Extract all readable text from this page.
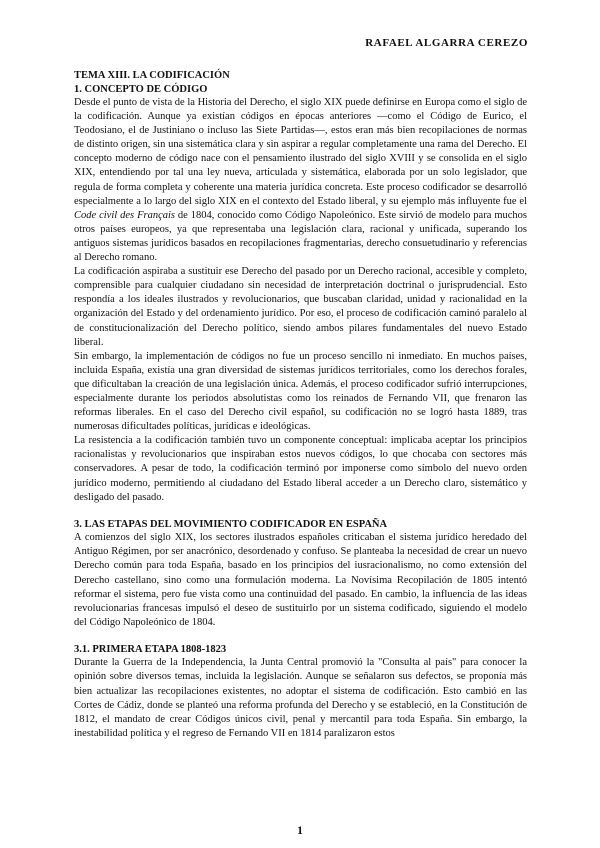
RAFAEL ALGARRA CEREZO
TEMA XIII. LA CODIFICACIÓN
1. CONCEPTO DE CÓDIGO

Desde el punto de vista de la Historia del Derecho, el siglo XIX puede definirse en Europa como el siglo de la codificación. Aunque ya existían códigos en épocas anteriores —como el Código de Eurico, el Teodosiano, el de Justiniano o incluso las Siete Partidas—, estos eran más bien recopilaciones de normas de distinto origen, sin una sistemática clara y sin aspirar a regular completamente una rama del Derecho. El concepto moderno de código nace con el pensamiento ilustrado del siglo XVIII y se consolida en el siglo XIX, entendiendo por tal una ley nueva, articulada y sistemática, elaborada por un solo legislador, que regula de forma completa y coherente una materia jurídica concreta. Este proceso codificador se desarrolló especialmente a lo largo del siglo XIX en el contexto del Estado liberal, y su ejemplo más influyente fue el Code civil des Français de 1804, conocido como Código Napoleónico. Este sirvió de modelo para muchos otros países europeos, ya que representaba una legislación clara, racional y unificada, superando los antiguos sistemas jurídicos basados en recopilaciones fragmentarias, derecho consuetudinario y referencias al Derecho romano.

La codificación aspiraba a sustituir ese Derecho del pasado por un Derecho racional, accesible y completo, comprensible para cualquier ciudadano sin necesidad de interpretación doctrinal o jurisprudencial. Esto respondía a los ideales ilustrados y revolucionarios, que buscaban claridad, unidad y racionalidad en la organización del Estado y del ordenamiento jurídico. Por eso, el proceso de codificación caminó paralelo al de constitucionalización del Derecho político, siendo ambos pilares fundamentales del nuevo Estado liberal.

Sin embargo, la implementación de códigos no fue un proceso sencillo ni inmediato. En muchos países, incluida España, existía una gran diversidad de sistemas jurídicos territoriales, como los derechos forales, que dificultaban la creación de una legislación única. Además, el proceso codificador sufrió interrupciones, especialmente durante los periodos absolutistas como los reinados de Fernando VII, que frenaron las reformas liberales. En el caso del Derecho civil español, su codificación no se logró hasta 1889, tras numerosas dificultades políticas, jurídicas e ideológicas.

La resistencia a la codificación también tuvo un componente conceptual: implicaba aceptar los principios racionalistas y revolucionarios que inspiraban estos nuevos códigos, lo que chocaba con sectores más conservadores. A pesar de todo, la codificación terminó por imponerse como símbolo del nuevo orden jurídico moderno, permitiendo al ciudadano del Estado liberal acceder a un Derecho claro, sistemático y desligado del pasado.

3. LAS ETAPAS DEL MOVIMIENTO CODIFICADOR EN ESPAÑA

A comienzos del siglo XIX, los sectores ilustrados españoles criticaban el sistema jurídico heredado del Antiguo Régimen, por ser anacrónico, desordenado y confuso. Se planteaba la necesidad de crear un nuevo Derecho común para toda España, basado en los principios del iusracionalismo, no como extensión del Derecho castellano, sino como una formulación moderna. La Novísima Recopilación de 1805 intentó reformar el sistema, pero fue vista como una continuidad del pasado. En cambio, la influencia de las ideas revolucionarias francesas impulsó el deseo de sustituirlo por un sistema codificado, siguiendo el modelo del Código Napoleónico de 1804.

3.1. PRIMERA ETAPA 1808-1823

Durante la Guerra de la Independencia, la Junta Central promovió la "Consulta al país" para conocer la opinión sobre diversos temas, incluida la legislación. Aunque se señalaron sus defectos, se proponía más bien actualizar las recopilaciones existentes, no adoptar el sistema de codificación. Esto cambió en las Cortes de Cádiz, donde se planteó una reforma profunda del Derecho y se estableció, en la Constitución de 1812, el mandato de crear Códigos únicos civil, penal y mercantil para toda España. Sin embargo, la inestabilidad política y el regreso de Fernando VII en 1814 paralizaron estos

1
